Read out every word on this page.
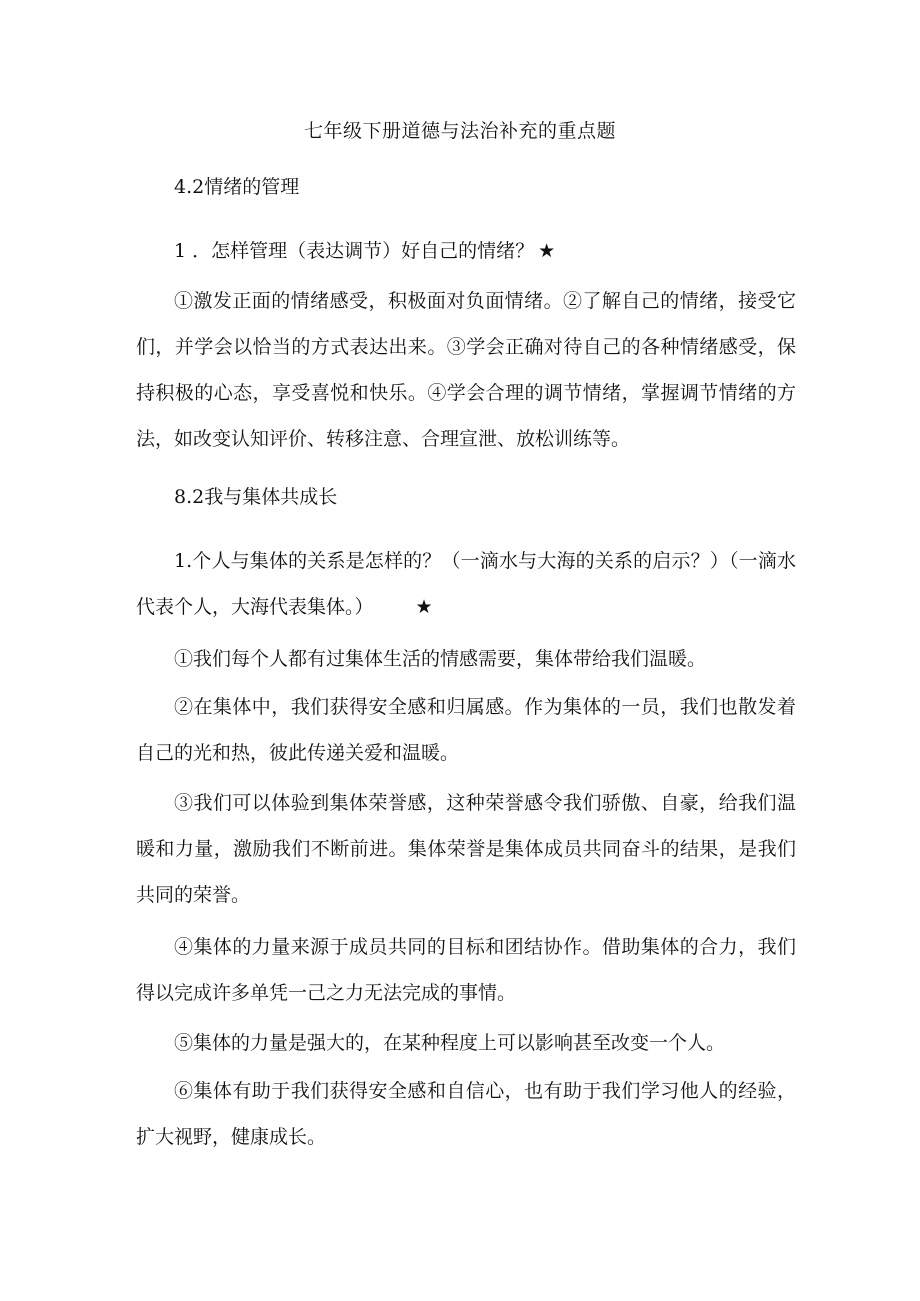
七年级下册道德与法治补充的重点题
4.2情绪的管理
1 ．怎样管理（表达调节）好自己的情绪？ ★
①激发正面的情绪感受，积极面对负面情绪。②了解自己的情绪，接受它们，并学会以恰当的方式表达出来。③学会正确对待自己的各种情绪感受，保持积极的心态，享受喜悦和快乐。④学会合理的调节情绪，掌握调节情绪的方法，如改变认知评价、转移注意、合理宣泄、放松训练等。
8.2我与集体共成长
1.个人与集体的关系是怎样的？（一滴水与大海的关系的启示？）（一滴水代表个人，大海代表集体。） ★
①我们每个人都有过集体生活的情感需要，集体带给我们温暖。
②在集体中，我们获得安全感和归属感。作为集体的一员，我们也散发着自己的光和热，彼此传递关爱和温暖。
③我们可以体验到集体荣誉感，这种荣誉感令我们骄傲、自豪，给我们温暖和力量，激励我们不断前进。集体荣誉是集体成员共同奋斗的结果，是我们共同的荣誉。
④集体的力量来源于成员共同的目标和团结协作。借助集体的合力，我们得以完成许多单凭一己之力无法完成的事情。
⑤集体的力量是强大的，在某种程度上可以影响甚至改变一个人。
⑥集体有助于我们获得安全感和自信心，也有助于我们学习他人的经验，扩大视野，健康成长。
